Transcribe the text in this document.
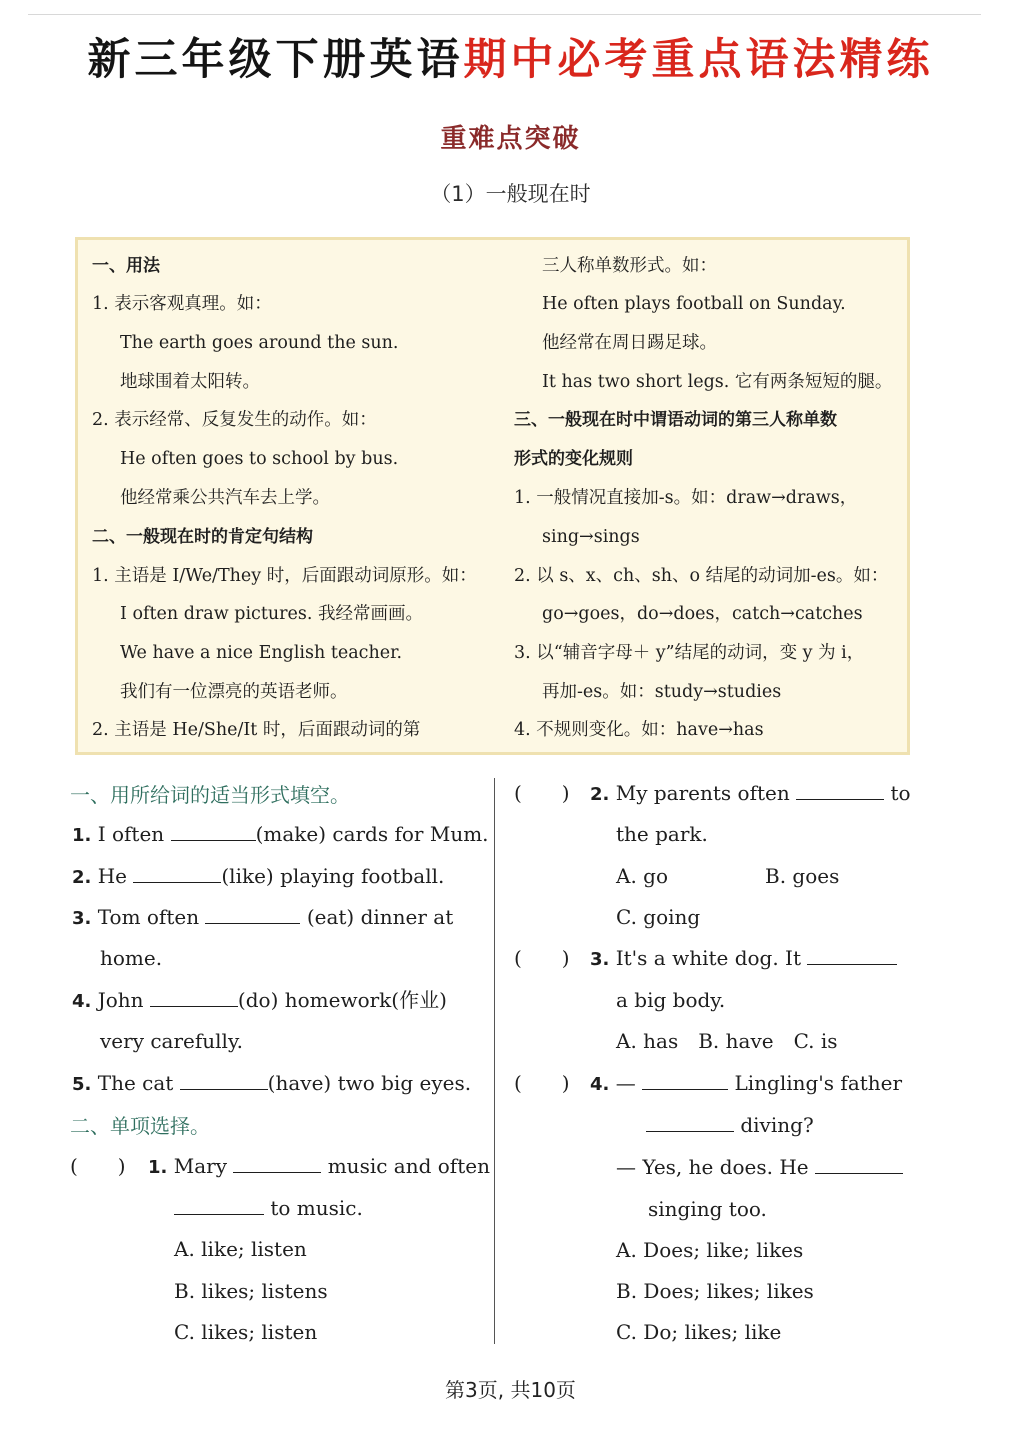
新三年级下册英语期中必考重点语法精练
重难点突破
（1）一般现在时
一、用法
1. 表示客观真理。如：
The earth goes around the sun.
地球围着太阳转。
2. 表示经常、反复发生的动作。如：
He often goes to school by bus.
他经常乘公共汽车去上学。
二、一般现在时的肯定句结构
1. 主语是 I/We/They 时，后面跟动词原形。如：
I often draw pictures. 我经常画画。
We have a nice English teacher.
我们有一位漂亮的英语老师。
2. 主语是 He/She/It 时，后面跟动词的第
三人称单数形式。如：
He often plays football on Sunday.
他经常在周日踢足球。
It has two short legs. 它有两条短短的腿。
三、一般现在时中谓语动词的第三人称单数
形式的变化规则
1. 一般情况直接加-s。如：draw→draws，
sing→sings
2. 以 s、x、ch、sh、o 结尾的动词加-es。如：
go→goes，do→does，catch→catches
3. 以“辅音字母＋ y”结尾的动词，变 y 为 i，
再加-es。如：study→studies
4. 不规则变化。如：have→has
一、用所给词的适当形式填空。
1. I often	(make) cards for Mum.
2. He	(like) playing football.
3. Tom often	(eat) dinner at
home.
4. John	(do) homework(作业)
very carefully.
5. The cat	(have) two big eyes.
二、单项选择。
(　　) 1. Mary	music and often
to music.
A. like; listen
B. likes; listens
C. likes; listen
(　　) 2. My parents often	to
the park.
A. go	B. goes
C. going
(　　) 3. It's a white dog. It
a big body.
A. has　B. have　C. is
(　　) 4. —	Lingling's father
diving?
— Yes, he does. He
singing too.
A. Does; like; likes
B. Does; likes; likes
C. Do; likes; like
第3页, 共10页
